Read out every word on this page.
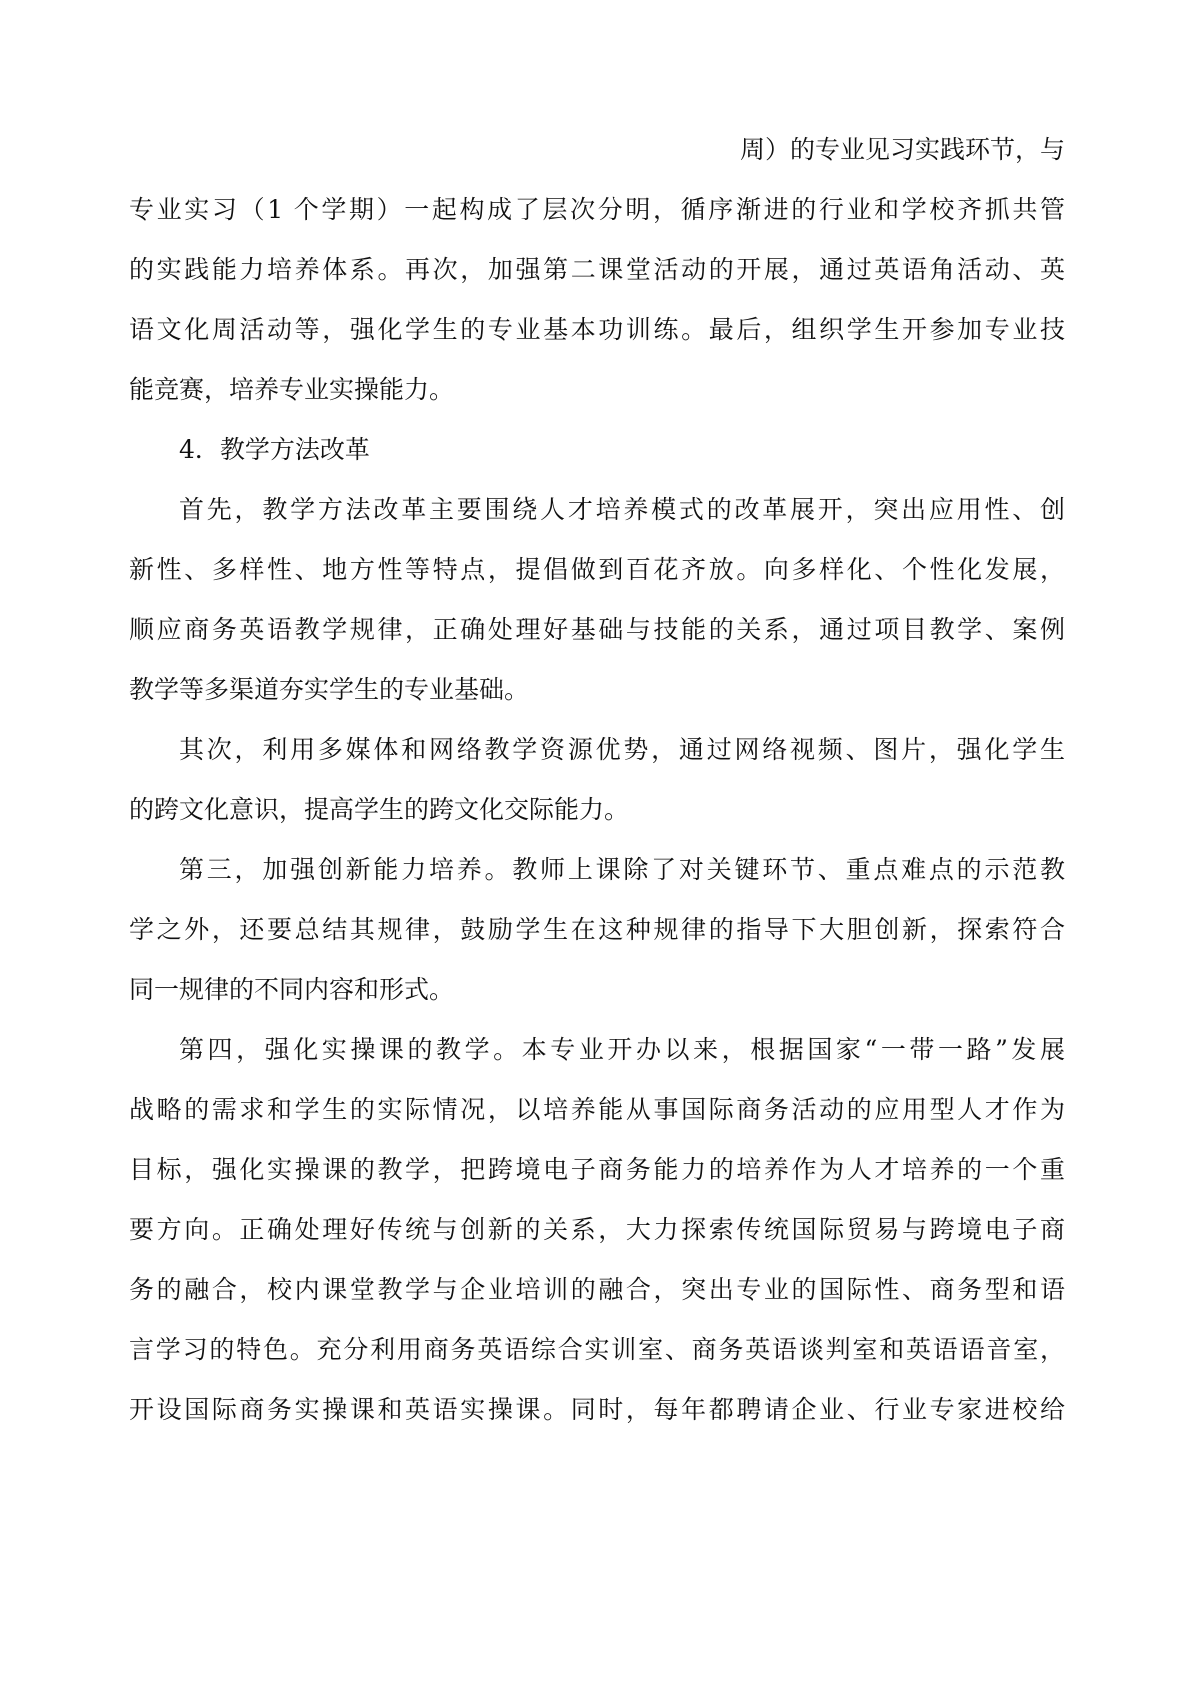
周）的专业见习实践环节，与
专业实习（1 个学期）一起构成了层次分明，循序渐进的行业和学校齐抓共管
的实践能力培养体系。再次，加强第二课堂活动的开展，通过英语角活动、英
语文化周活动等，强化学生的专业基本功训练。最后，组织学生开参加专业技
能竞赛，培养专业实操能力。
4．教学方法改革
首先，教学方法改革主要围绕人才培养模式的改革展开，突出应用性、创
新性、多样性、地方性等特点，提倡做到百花齐放。向多样化、个性化发展，
顺应商务英语教学规律，正确处理好基础与技能的关系，通过项目教学、案例
教学等多渠道夯实学生的专业基础。
其次，利用多媒体和网络教学资源优势，通过网络视频、图片，强化学生
的跨文化意识，提高学生的跨文化交际能力。
第三，加强创新能力培养。教师上课除了对关键环节、重点难点的示范教
学之外，还要总结其规律，鼓励学生在这种规律的指导下大胆创新，探索符合
同一规律的不同内容和形式。
第四，强化实操课的教学。本专业开办以来，根据国家“一带一路”发展
战略的需求和学生的实际情况，以培养能从事国际商务活动的应用型人才作为
目标，强化实操课的教学，把跨境电子商务能力的培养作为人才培养的一个重
要方向。正确处理好传统与创新的关系，大力探索传统国际贸易与跨境电子商
务的融合，校内课堂教学与企业培训的融合，突出专业的国际性、商务型和语
言学习的特色。充分利用商务英语综合实训室、商务英语谈判室和英语语音室，
开设国际商务实操课和英语实操课。同时，每年都聘请企业、行业专家进校给
